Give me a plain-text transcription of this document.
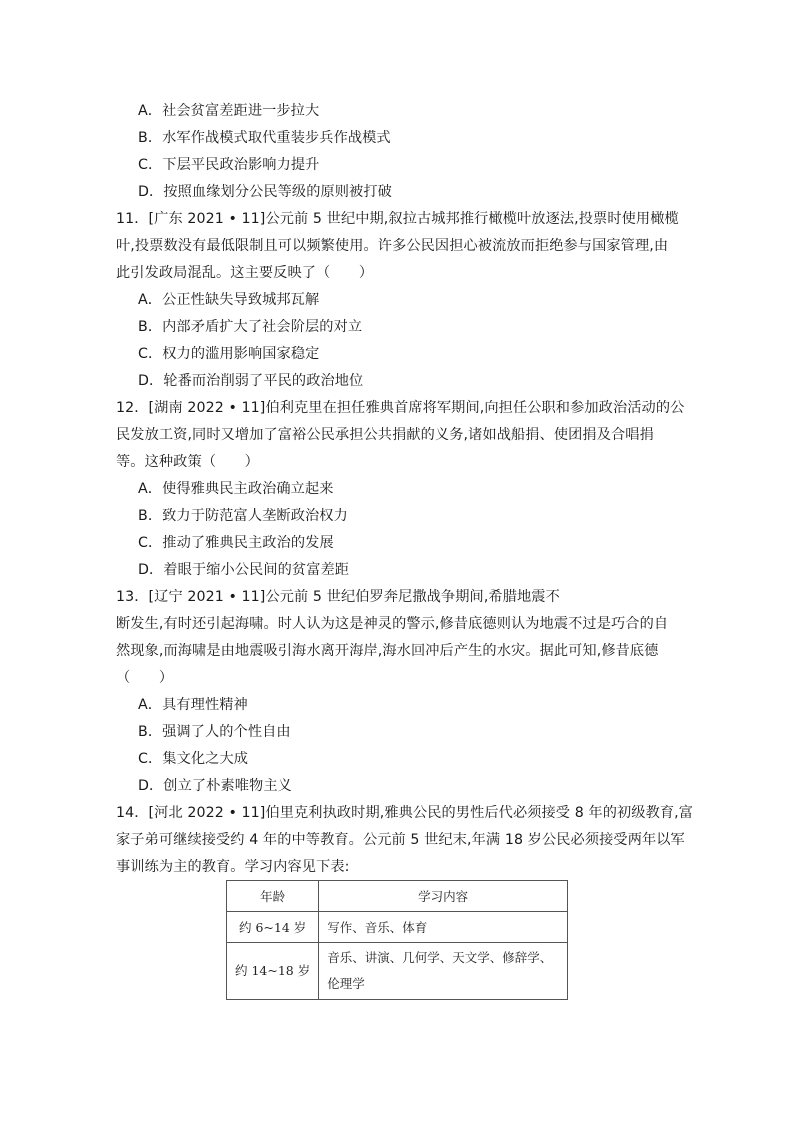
A．社会贫富差距进一步拉大
B．水军作战模式取代重装步兵作战模式
C．下层平民政治影响力提升
D．按照血缘划分公民等级的原则被打破
11．[广东 2021 • 11]公元前 5 世纪中期,叙拉古城邦推行橄榄叶放逐法,投票时使用橄榄
叶,投票数没有最低限制且可以频繁使用。许多公民因担心被流放而拒绝参与国家管理,由
此引发政局混乱。这主要反映了（　　）
A．公正性缺失导致城邦瓦解
B．内部矛盾扩大了社会阶层的对立
C．权力的滥用影响国家稳定
D．轮番而治削弱了平民的政治地位
12．[湖南 2022 • 11]伯利克里在担任雅典首席将军期间,向担任公职和参加政治活动的公
民发放工资,同时又增加了富裕公民承担公共捐献的义务,诸如战船捐、使团捐及合唱捐
等。这种政策（　　）
A．使得雅典民主政治确立起来
B．致力于防范富人垄断政治权力
C．推动了雅典民主政治的发展
D．着眼于缩小公民间的贫富差距
13．[辽宁 2021 • 11]公元前 5 世纪伯罗奔尼撒战争期间,希腊地震不
断发生,有时还引起海啸。时人认为这是神灵的警示,修昔底德则认为地震不过是巧合的自
然现象,而海啸是由地震吸引海水离开海岸,海水回冲后产生的水灾。据此可知,修昔底德
（　　）
A．具有理性精神
B．强调了人的个性自由
C．集文化之大成
D．创立了朴素唯物主义
14．[河北 2022 • 11]伯里克利执政时期,雅典公民的男性后代必须接受 8 年的初级教育,富
家子弟可继续接受约 4 年的中等教育。公元前 5 世纪末,年满 18 岁公民必须接受两年以军
事训练为主的教育。学习内容见下表:
年龄	学习内容
约 6~14 岁	写作、音乐、体育
约 14~18 岁	音乐、讲演、几何学、天文学、修辞学、伦理学
